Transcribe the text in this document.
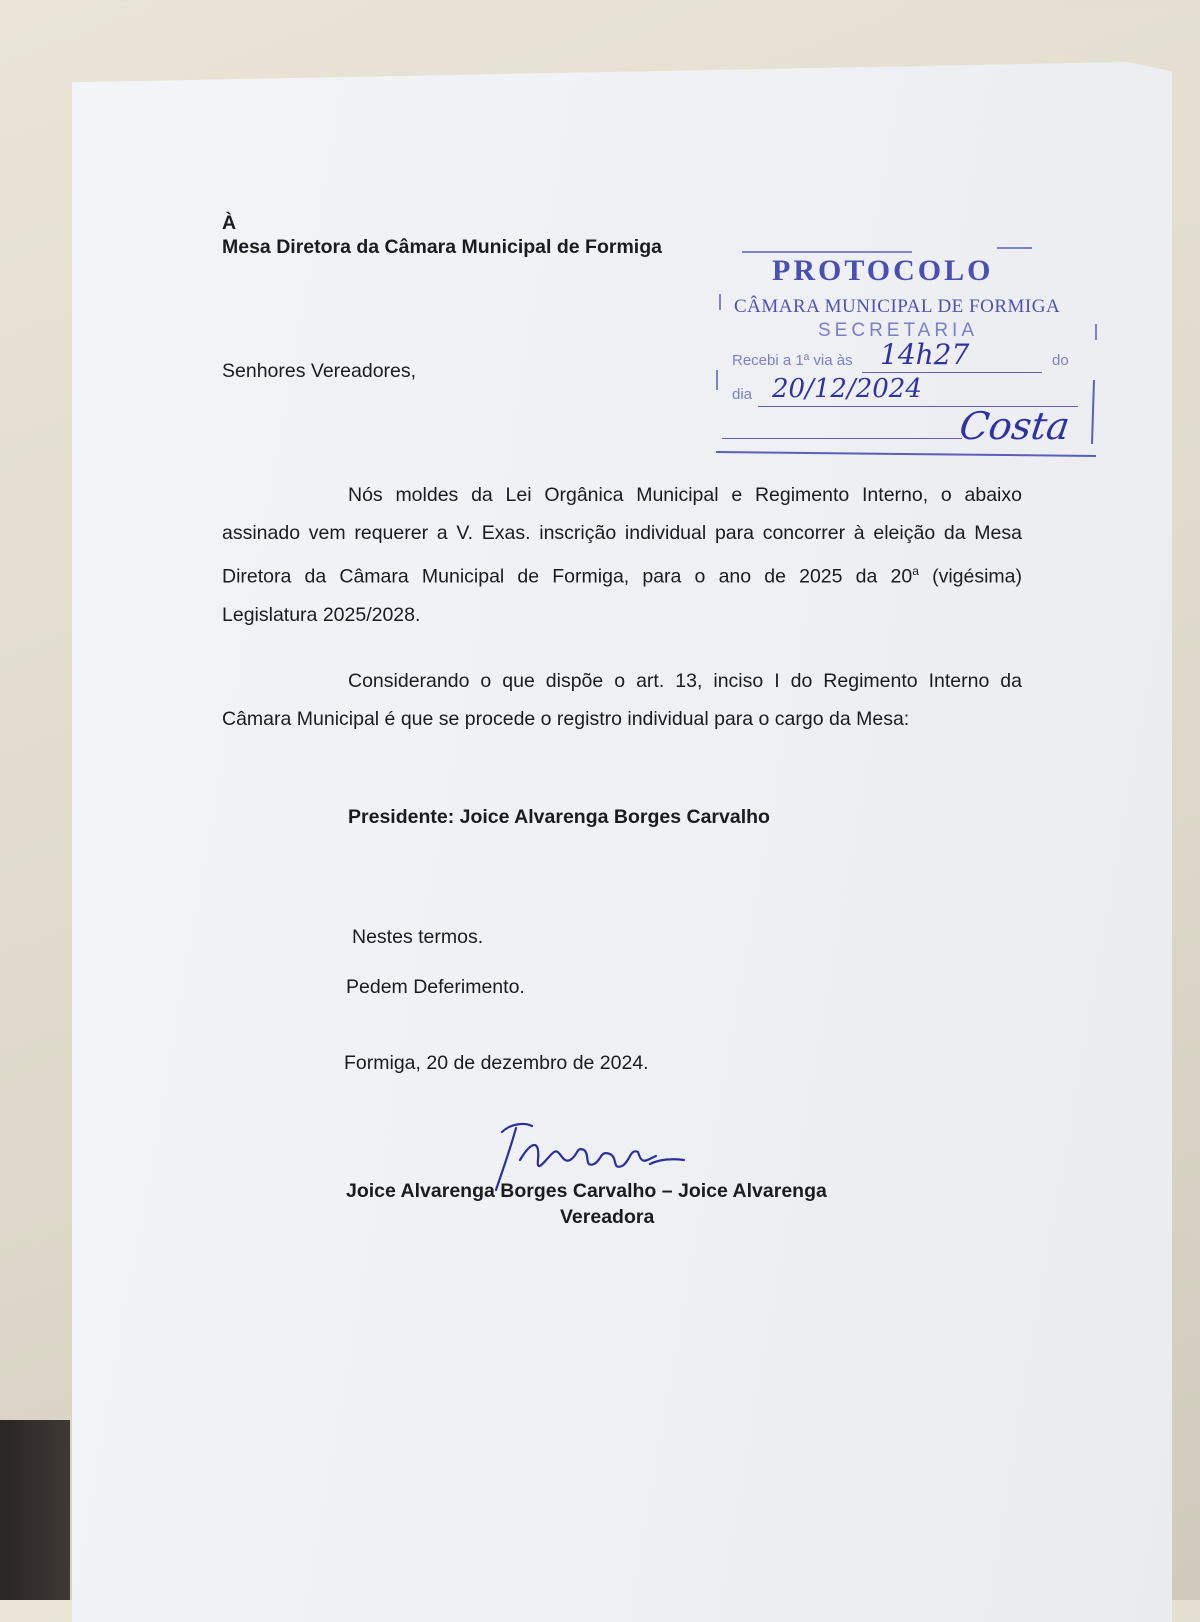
À
Mesa Diretora da Câmara Municipal de Formiga
Senhores Vereadores,
PROTOCOLO
CÂMARA MUNICIPAL DE FORMIGA
SECRETARIA
Recebi a 1ª via às 14h27	do
dia 20/12/2024
Costa
Nós moldes da Lei Orgânica Municipal e Regimento Interno, o abaixo assinado vem requerer a V. Exas. inscrição individual para concorrer à eleição da Mesa Diretora da Câmara Municipal de Formiga, para o ano de 2025 da 20$^a$ (vigésima) Legislatura 2025/2028.
Considerando o que dispõe o art. 13, inciso I do Regimento Interno da Câmara Municipal é que se procede o registro individual para o cargo da Mesa:
Presidente: Joice Alvarenga Borges Carvalho
Nestes termos.
Pedem Deferimento.
Formiga, 20 de dezembro de 2024.
Joice Alvarenga Borges Carvalho – Joice Alvarenga
Vereadora
